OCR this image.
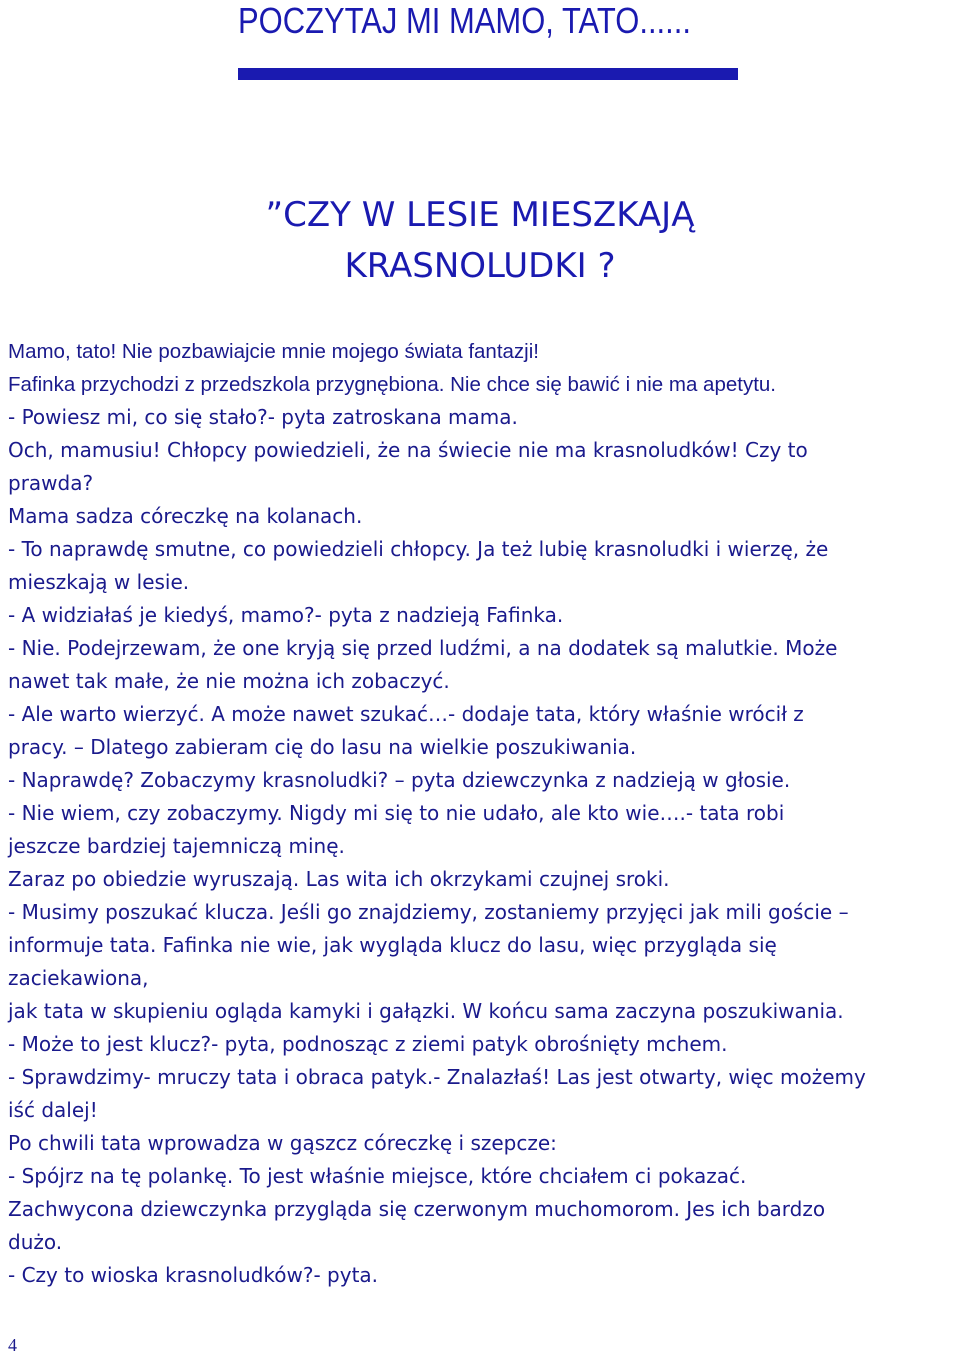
POCZYTAJ MI MAMO, TATO......
”CZY W LESIE MIESZKAJĄ
KRASNOLUDKI ?

Mamo, tato! Nie pozbawiajcie mnie mojego świata fantazji!

Fafinka przychodzi z przedszkola przygnębiona. Nie chce się bawić i nie ma apetytu.

- Powiesz mi, co się stało?- pyta zatroskana mama.

Och, mamusiu! Chłopcy powiedzieli, że na świecie nie ma krasnoludków! Czy to

prawda?

Mama sadza córeczkę na kolanach.

- To naprawdę smutne, co powiedzieli chłopcy. Ja też lubię krasnoludki i wierzę, że

mieszkają w lesie.

- A widziałaś je kiedyś, mamo?- pyta z nadzieją Fafinka.

- Nie. Podejrzewam, że one kryją się przed ludźmi, a na dodatek są malutkie. Może

nawet tak małe, że nie można ich zobaczyć.

- Ale warto wierzyć. A może nawet szukać…- dodaje tata, który właśnie wrócił z

pracy. – Dlatego zabieram cię do lasu na wielkie poszukiwania.

- Naprawdę? Zobaczymy krasnoludki? – pyta dziewczynka z nadzieją w głosie.

- Nie wiem, czy zobaczymy. Nigdy mi się to nie udało, ale kto wie….- tata robi

jeszcze bardziej tajemniczą minę.

Zaraz po obiedzie wyruszają. Las wita ich okrzykami czujnej sroki.

- Musimy poszukać klucza. Jeśli go znajdziemy, zostaniemy przyjęci jak mili goście –

informuje tata. Fafinka nie wie, jak wygląda klucz do lasu, więc przygląda się

zaciekawiona,

jak tata w skupieniu ogląda kamyki i gałązki. W końcu sama zaczyna poszukiwania.

- Może to jest klucz?- pyta, podnosząc z ziemi patyk obrośnięty mchem.

- Sprawdzimy- mruczy tata i obraca patyk.- Znalazłaś! Las jest otwarty, więc możemy

iść dalej!

Po chwili tata wprowadza w gąszcz córeczkę i szepcze:

- Spójrz na tę polankę. To jest właśnie miejsce, które chciałem ci pokazać.

Zachwycona dziewczynka przygląda się czerwonym muchomorom. Jes ich bardzo

dużo.

- Czy to wioska krasnoludków?- pyta.

4
